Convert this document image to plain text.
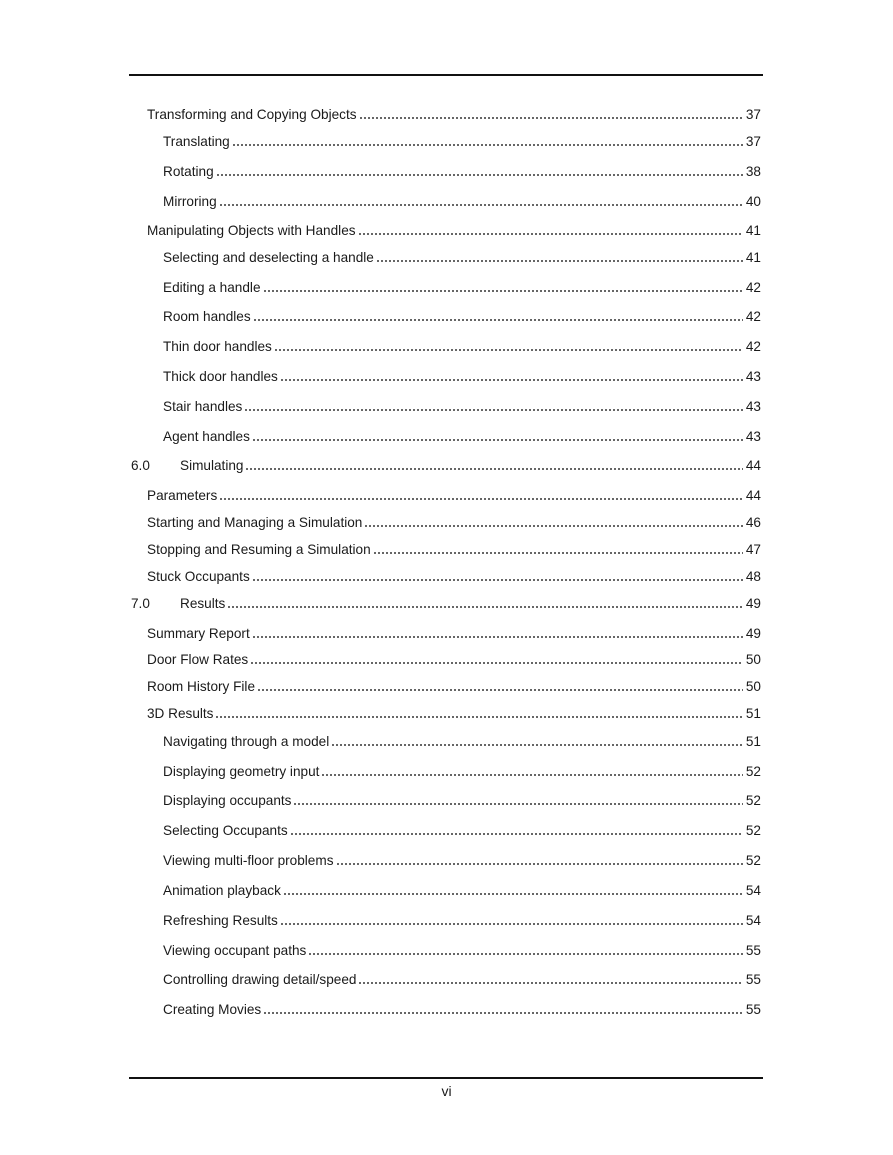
Transforming and Copying Objects	37
Translating	37
Rotating	38
Mirroring	40
Manipulating Objects with Handles	41
Selecting and deselecting a handle	41
Editing a handle	42
Room handles	42
Thin door handles	42
Thick door handles	43
Stair handles	43
Agent handles	43
6.0	Simulating	44
Parameters	44
Starting and Managing a Simulation	46
Stopping and Resuming a Simulation	47
Stuck Occupants	48
7.0	Results	49
Summary Report	49
Door Flow Rates	50
Room History File	50
3D Results	51
Navigating through a model	51
Displaying geometry input	52
Displaying occupants	52
Selecting Occupants	52
Viewing multi-floor problems	52
Animation playback	54
Refreshing Results	54
Viewing occupant paths	55
Controlling drawing detail/speed	55
Creating Movies	55
vi
